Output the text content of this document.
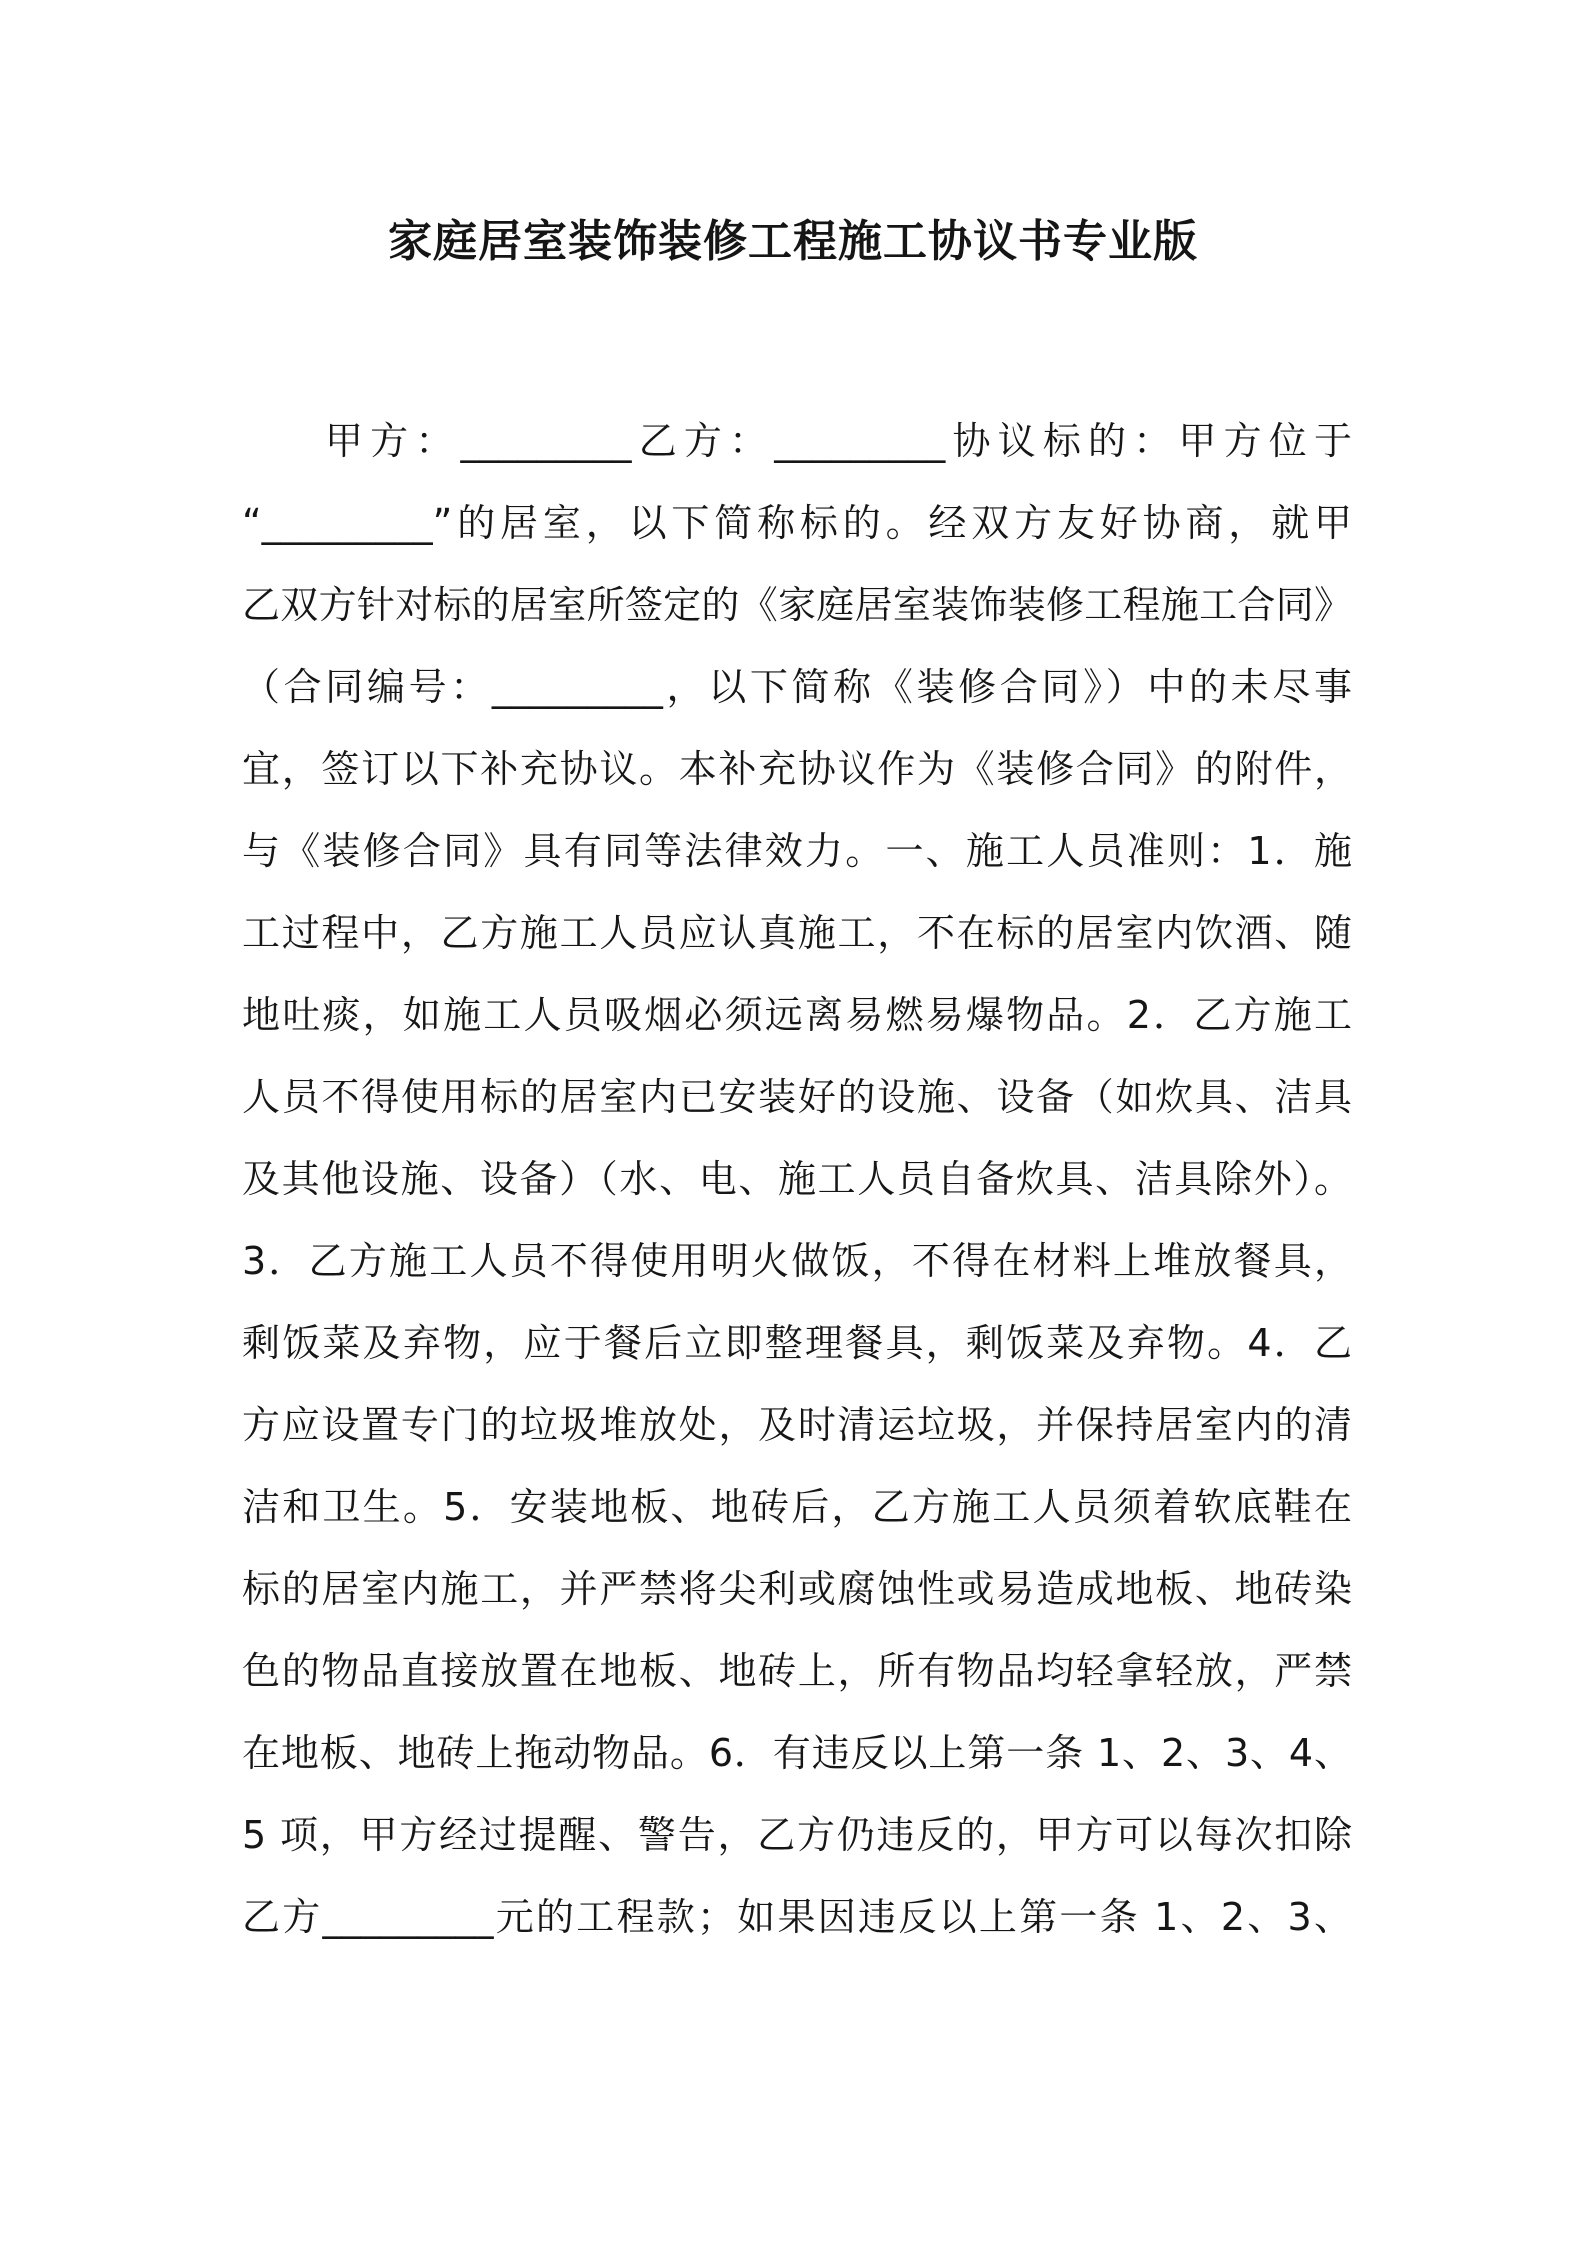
家庭居室装饰装修工程施工协议书专业版
甲方：_________乙方：_________协议标的：甲方位于
“_________”的居室，以下简称标的。经双方友好协商，就甲
乙双方针对标的居室所签定的《家庭居室装饰装修工程施工合同》
（合同编号：_________，以下简称《装修合同》）中的未尽事
宜，签订以下补充协议。本补充协议作为《装修合同》的附件，
与《装修合同》具有同等法律效力。一、施工人员准则：1．施
工过程中，乙方施工人员应认真施工，不在标的居室内饮酒、随
地吐痰，如施工人员吸烟必须远离易燃易爆物品。2．乙方施工
人员不得使用标的居室内已安装好的设施、设备（如炊具、洁具
及其他设施、设备）（水、电、施工人员自备炊具、洁具除外）。
3．乙方施工人员不得使用明火做饭，不得在材料上堆放餐具，
剩饭菜及弃物，应于餐后立即整理餐具，剩饭菜及弃物。4．乙
方应设置专门的垃圾堆放处，及时清运垃圾，并保持居室内的清
洁和卫生。5．安装地板、地砖后，乙方施工人员须着软底鞋在
标的居室内施工，并严禁将尖利或腐蚀性或易造成地板、地砖染
色的物品直接放置在地板、地砖上，所有物品均轻拿轻放，严禁
在地板、地砖上拖动物品。6．有违反以上第一条 1、2、3、4、
5 项，甲方经过提醒、警告，乙方仍违反的，甲方可以每次扣除
乙方_________元的工程款；如果因违反以上第一条 1、2、3、
